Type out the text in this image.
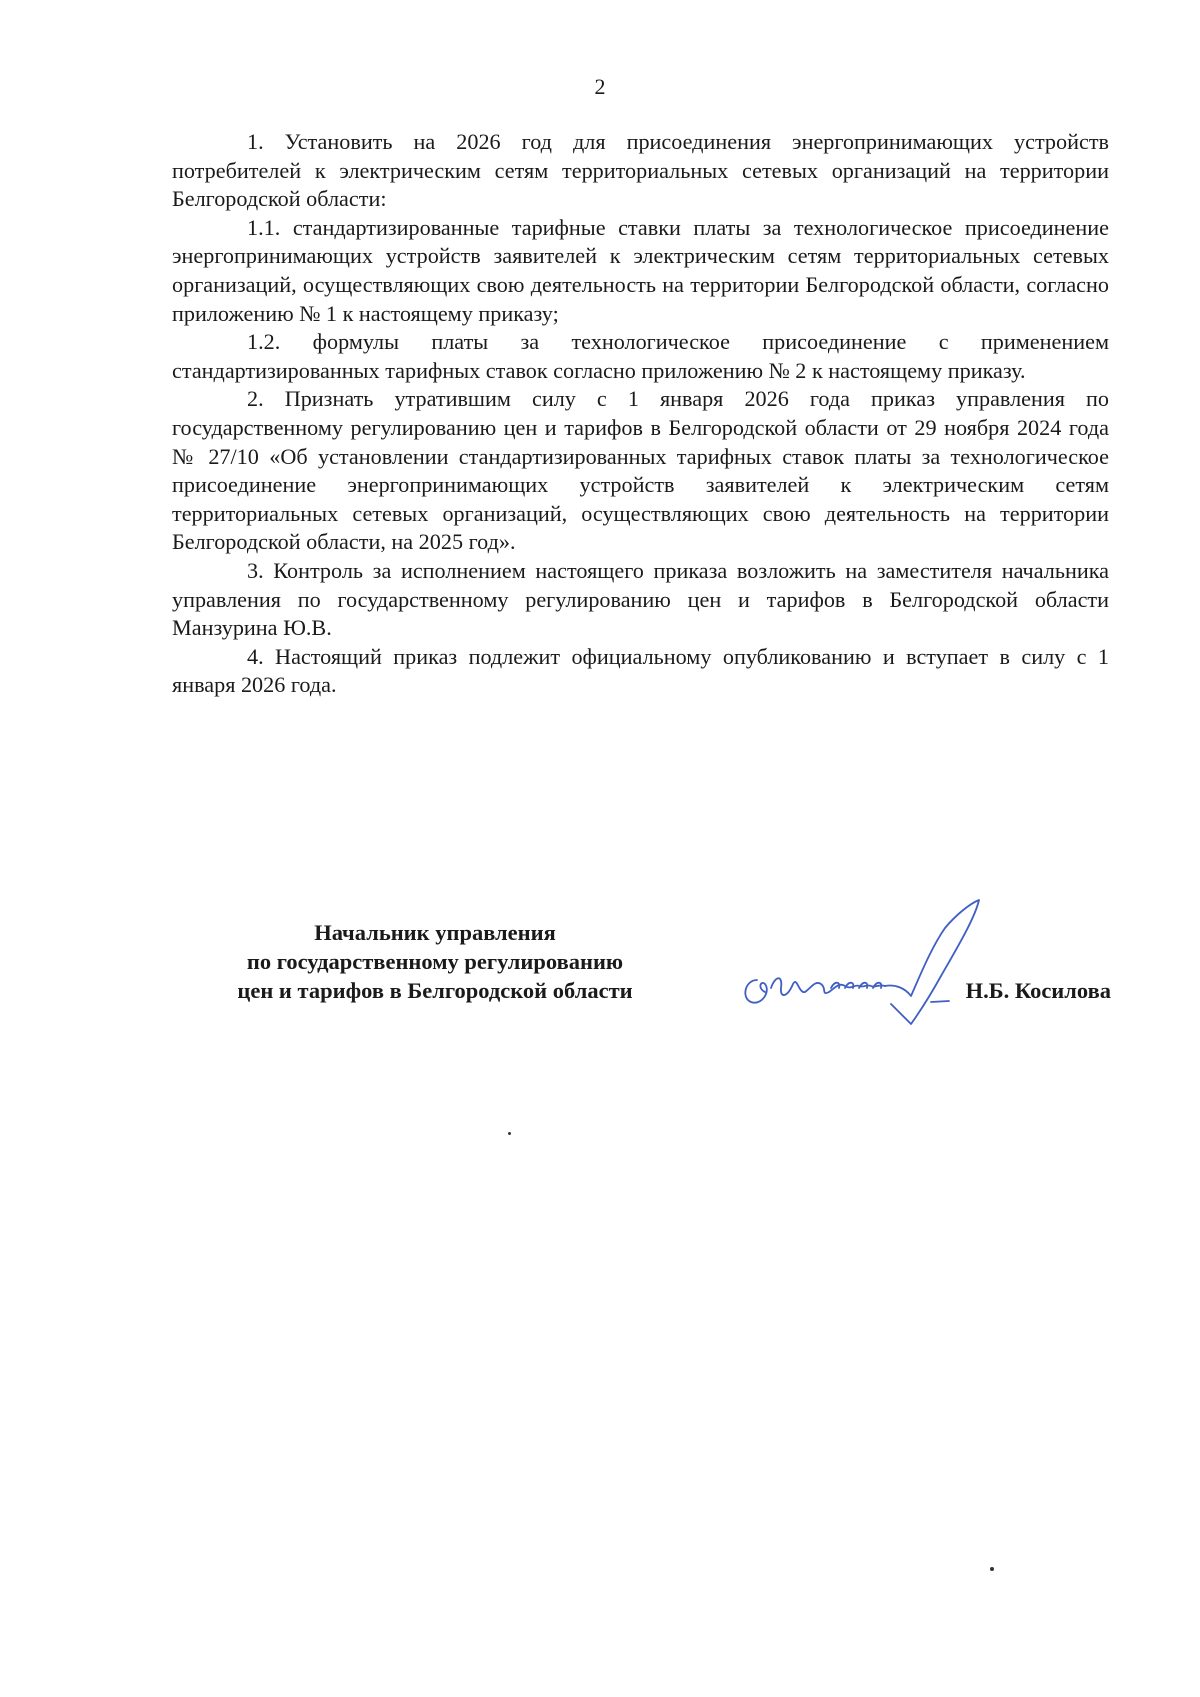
2

1. Установить на 2026 год для присоединения энергопринимающих устройств потребителей к электрическим сетям территориальных сетевых организаций на территории Белгородской области:

1.1. стандартизированные тарифные ставки платы за технологическое присоединение энергопринимающих устройств заявителей к электрическим сетям территориальных сетевых организаций, осуществляющих свою деятельность на территории Белгородской области, согласно приложению № 1 к настоящему приказу;

1.2. формулы платы за технологическое присоединение с применением стандартизированных тарифных ставок согласно приложению № 2 к настоящему приказу.

2. Признать утратившим силу с 1 января 2026 года приказ управления по государственному регулированию цен и тарифов в Белгородской области от 29 ноября 2024 года № 27/10 «Об установлении стандартизированных тарифных ставок платы за технологическое присоединение энергопринимающих устройств заявителей к электрическим сетям территориальных сетевых организаций, осуществляющих свою деятельность на территории Белгородской области, на 2025 год».

3. Контроль за исполнением настоящего приказа возложить на заместителя начальника управления по государственному регулированию цен и тарифов в Белгородской области Манзурина Ю.В.

4. Настоящий приказ подлежит официальному опубликованию и вступает в силу с 1 января 2026 года.

Начальник управления
по государственному регулированию
цен и тарифов в Белгородской области	Н.Б. Косилова
